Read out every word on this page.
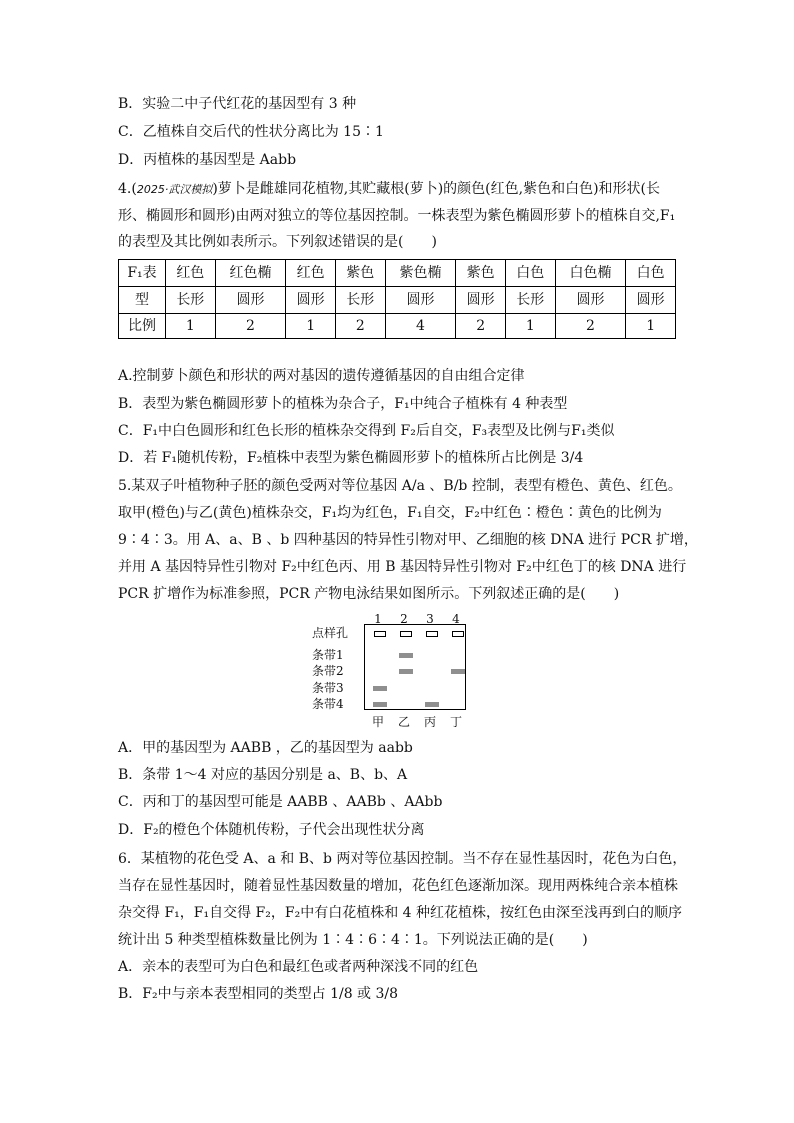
B．实验二中子代红花的基因型有 3 种
C．乙植株自交后代的性状分离比为 15∶1
D．丙植株的基因型是 Aabb
4.(2025·武汉模拟)萝卜是雌雄同花植物,其贮藏根(萝卜)的颜色(红色,紫色和白色)和形状(长
形、椭圆形和圆形)由两对独立的等位基因控制。一株表型为紫色椭圆形萝卜的植株自交,F₁
的表型及其比例如表所示。下列叙述错误的是(　　)
F₁表	红色	红色椭	红色	紫色	紫色椭	紫色	白色	白色椭	白色
型	长形	圆形	圆形	长形	圆形	圆形	长形	圆形	圆形
比例	1	2	1	2	4	2	1	2	1
A.控制萝卜颜色和形状的两对基因的遗传遵循基因的自由组合定律
B．表型为紫色椭圆形萝卜的植株为杂合子，F₁中纯合子植株有 4 种表型
C．F₁中白色圆形和红色长形的植株杂交得到 F₂后自交，F₃表型及比例与F₁类似
D．若 F₁随机传粉，F₂植株中表型为紫色椭圆形萝卜的植株所占比例是 3/4
5.某双子叶植物种子胚的颜色受两对等位基因 A/a 、B/b 控制，表型有橙色、黄色、红色。
取甲(橙色)与乙(黄色)植株杂交，F₁均为红色，F₁自交，F₂中红色∶橙色∶黄色的比例为
9∶4∶3。用 A、a、B 、b 四种基因的特异性引物对甲、乙细胞的核 DNA 进行 PCR 扩增，
并用 A 基因特异性引物对 F₂中红色丙、用 B 基因特异性引物对 F₂中红色丁的核 DNA 进行
PCR 扩增作为标准参照，PCR 产物电泳结果如图所示。下列叙述正确的是(　　)
1	2	3	4
点样孔
条带1
条带2
条带3
条带4
甲	乙	丙	丁
A．甲的基因型为 AABB ，乙的基因型为 aabb
B．条带 1～4 对应的基因分别是 a、B、b、A
C．丙和丁的基因型可能是 AABB 、AABb 、AAbb
D．F₂的橙色个体随机传粉，子代会出现性状分离
6．某植物的花色受 A、a 和 B、b 两对等位基因控制。当不存在显性基因时，花色为白色，
当存在显性基因时，随着显性基因数量的增加，花色红色逐渐加深。现用两株纯合亲本植株
杂交得 F₁，F₁自交得 F₂，F₂中有白花植株和 4 种红花植株，按红色由深至浅再到白的顺序
统计出 5 种类型植株数量比例为 1∶4∶6∶4∶1。下列说法正确的是(　　)
A．亲本的表型可为白色和最红色或者两种深浅不同的红色
B．F₂中与亲本表型相同的类型占 1/8 或 3/8
